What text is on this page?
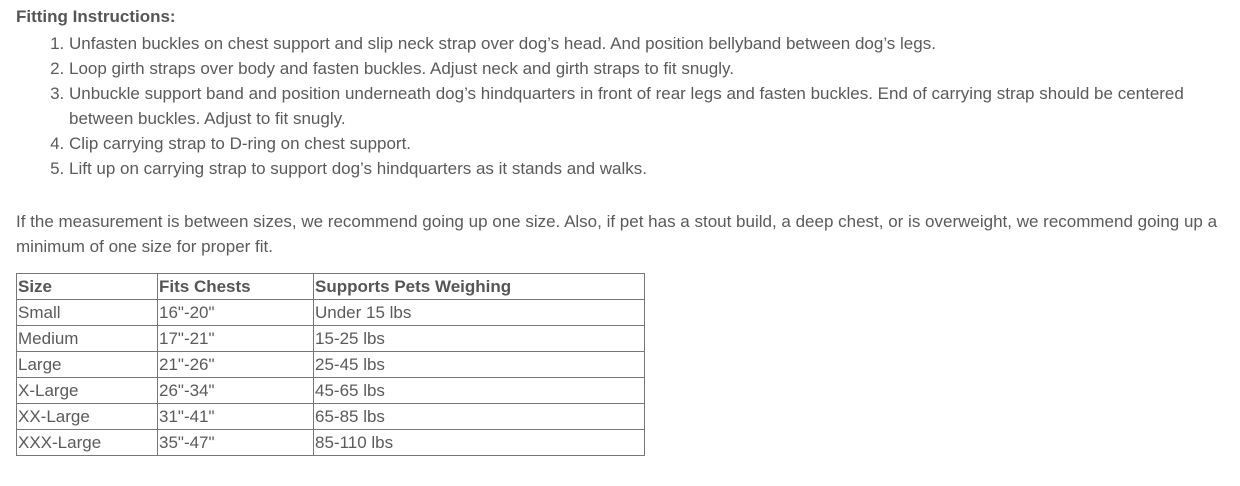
Fitting Instructions:
1. Unfasten buckles on chest support and slip neck strap over dog’s head. And position bellyband between dog’s legs.
2. Loop girth straps over body and fasten buckles. Adjust neck and girth straps to fit snugly.
3. Unbuckle support band and position underneath dog’s hindquarters in front of rear legs and fasten buckles. End of carrying strap should be centered between buckles. Adjust to fit snugly.
4. Clip carrying strap to D-ring on chest support.
5. Lift up on carrying strap to support dog’s hindquarters as it stands and walks.

If the measurement is between sizes, we recommend going up one size. Also, if pet has a stout build, a deep chest, or is overweight, we recommend going up a minimum of one size for proper fit.

Size	Fits Chests	Supports Pets Weighing
Small	16"-20"	Under 15 lbs
Medium	17"-21"	15-25 lbs
Large	21"-26"	25-45 lbs
X-Large	26"-34"	45-65 lbs
XX-Large	31"-41"	65-85 lbs
XXX-Large	35"-47"	85-110 lbs
